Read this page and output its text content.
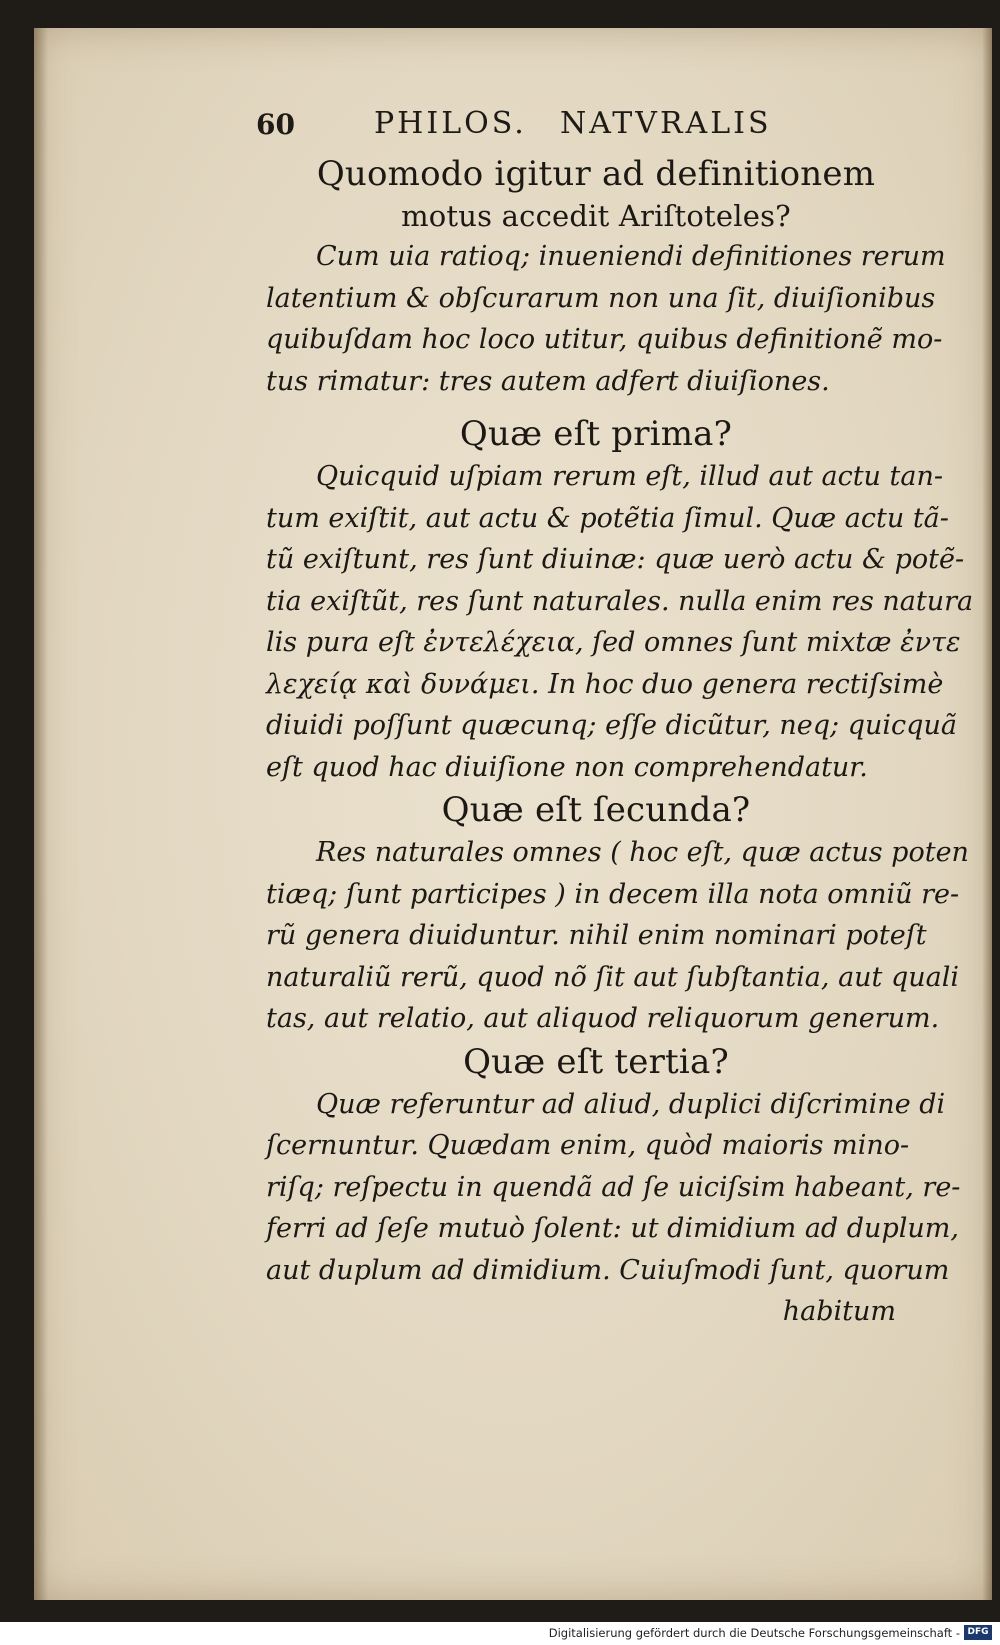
60	PHILOS. NATVRALIS

Quomodo igitur ad definitionem
motus accedit Ariſtoteles?

Cum uia ratioq; inueniendi definitiones rerum
latentium & obſcurarum non una ſit, diuiſionibus
quibuſdam hoc loco utitur, quibus definitionẽ mo-
tus rimatur: tres autem adfert diuiſiones.

Quæ eſt prima?

Quicquid uſpiam rerum eſt, illud aut actu tan-
tum exiſtit, aut actu & potẽtia ſimul. Quæ actu tã-
tũ exiſtunt, res ſunt diuinæ: quæ uerò actu & potẽ-
tia exiſtũt, res ſunt naturales. nulla enim res natura
lis pura eſt ἐντελέχεια, ſed omnes ſunt mixtæ ἐντε
λεχείᾳ καὶ δυνάμει. In hoc duo genera rectiſsimè
diuidi poſſunt quæcunq; eſſe dicũtur, neq; quicquã
eſt quod hac diuiſione non comprehendatur.

Quæ eſt ſecunda?

Res naturales omnes ( hoc eſt, quæ actus poten
tiæq; ſunt participes ) in decem illa nota omniũ re-
rũ genera diuiduntur. nihil enim nominari poteſt
naturaliũ rerũ, quod nõ ſit aut ſubſtantia, aut quali
tas, aut relatio, aut aliquod reliquorum generum.

Quæ eſt tertia?

Quæ referuntur ad aliud, duplici diſcrimine di
ſcernuntur. Quædam enim, quòd maioris mino-
riſq; reſpectu in quendã ad ſe uiciſsim habeant, re-
ferri ad ſeſe mutuò ſolent: ut dimidium ad duplum,
aut duplum ad dimidium. Cuiuſmodi ſunt, quorum
habitum

Digitalisierung gefördert durch die Deutsche Forschungsgemeinschaft - DFG
